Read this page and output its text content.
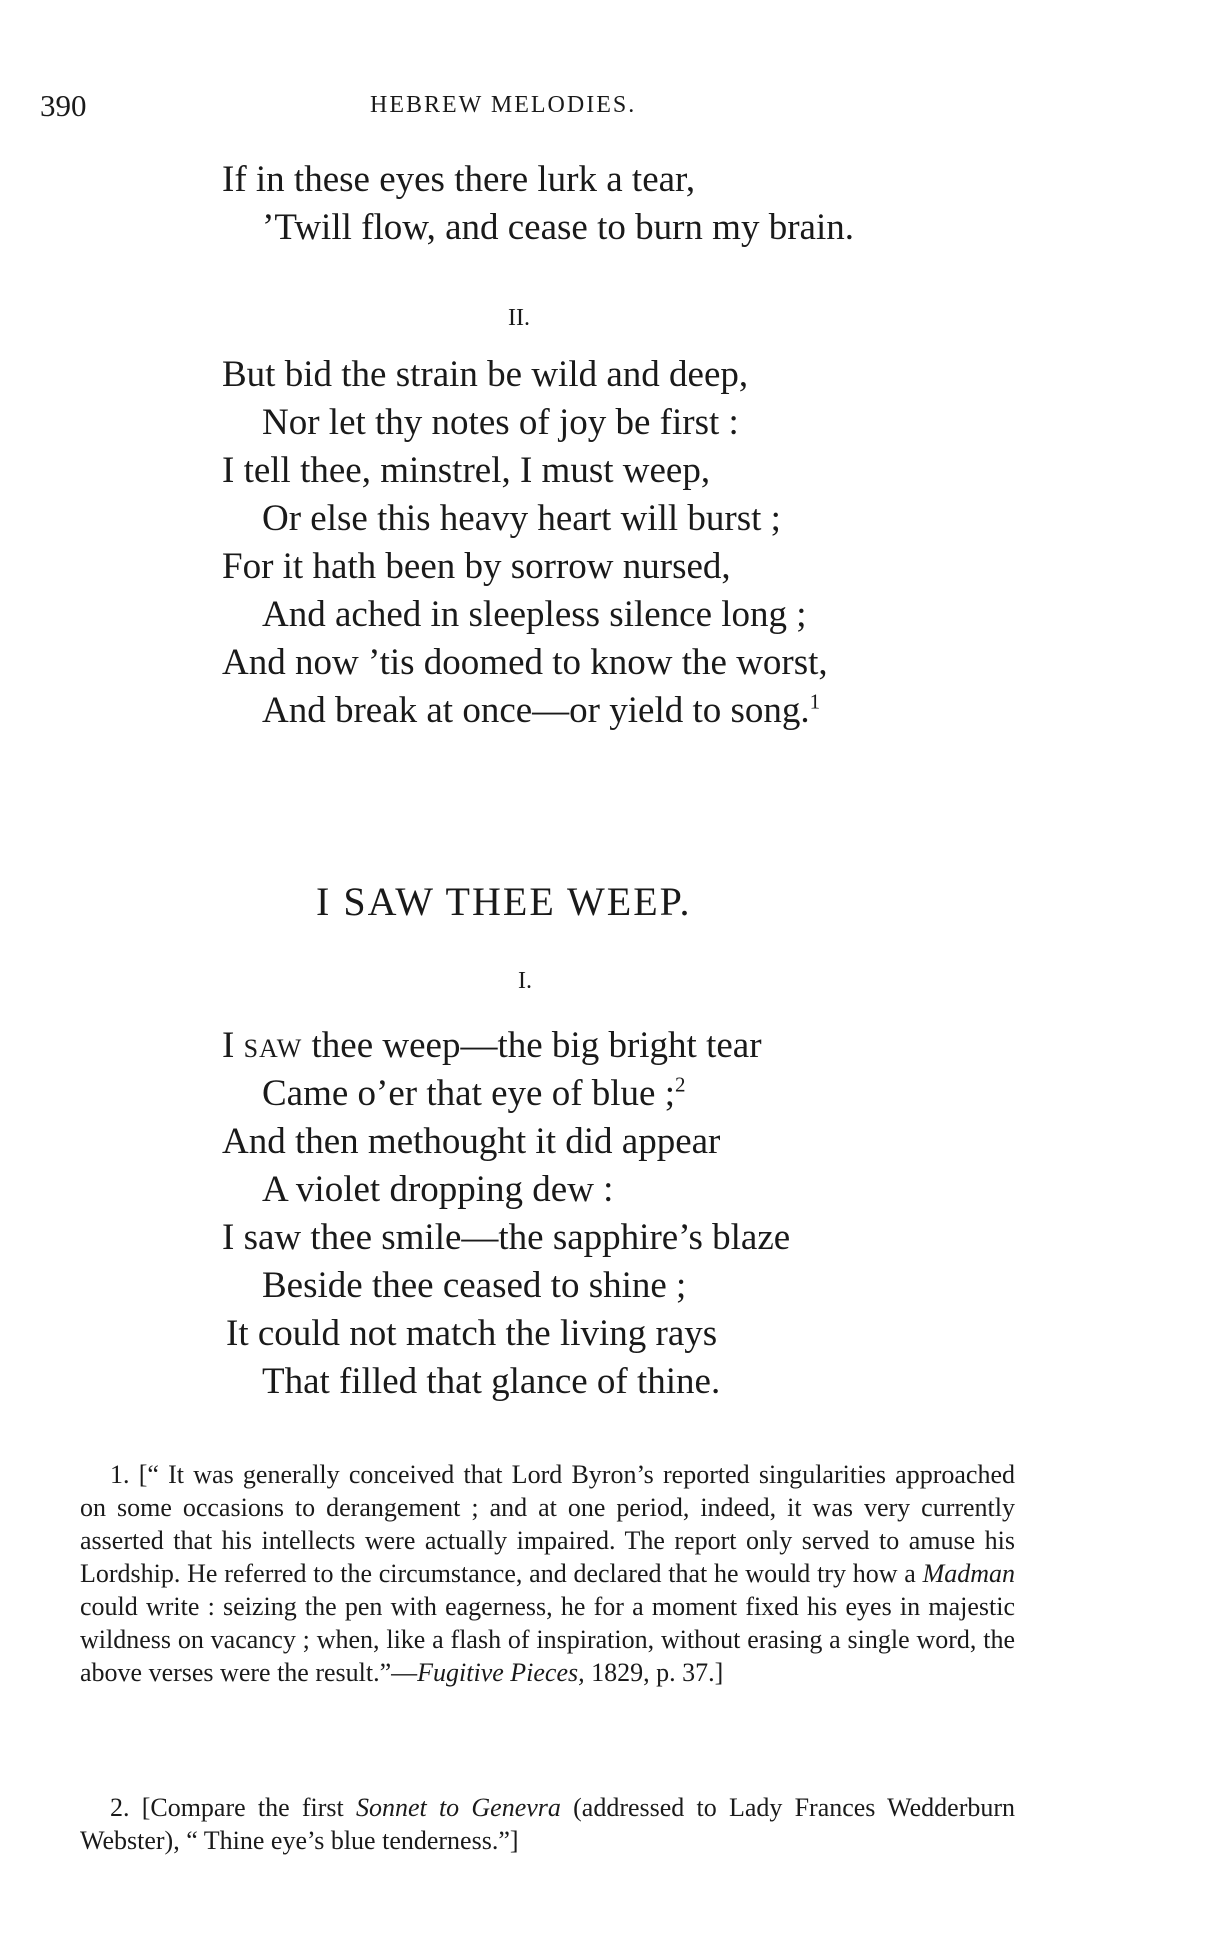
390	HEBREW MELODIES.
If in these eyes there lurk a tear,
’Twill flow, and cease to burn my brain.
II.
But bid the strain be wild and deep,
Nor let thy notes of joy be first :
I tell thee, minstrel, I must weep,
Or else this heavy heart will burst ;
For it hath been by sorrow nursed,
And ached in sleepless silence long ;
And now ’tis doomed to know the worst,
And break at once—or yield to song.$^1$
I SAW THEE WEEP.
I.
I SAW thee weep—the big bright tear
Came o’er that eye of blue ;$^2$
And then methought it did appear
A violet dropping dew :
I saw thee smile—the sapphire’s blaze
Beside thee ceased to shine ;
It could not match the living rays
That filled that glance of thine.
1. [“ It was generally conceived that Lord Byron’s reported singularities approached on some occasions to derangement ; and at one period, indeed, it was very currently asserted that his intellects were actually impaired. The report only served to amuse his Lordship. He referred to the circumstance, and declared that he would try how a Madman could write : seizing the pen with eagerness, he for a moment fixed his eyes in majestic wildness on vacancy ; when, like a flash of inspiration, without erasing a single word, the above verses were the result.”—Fugitive Pieces, 1829, p. 37.]
2. [Compare the first Sonnet to Genevra (addressed to Lady Frances Wedderburn Webster), “ Thine eye’s blue tenderness.”]
